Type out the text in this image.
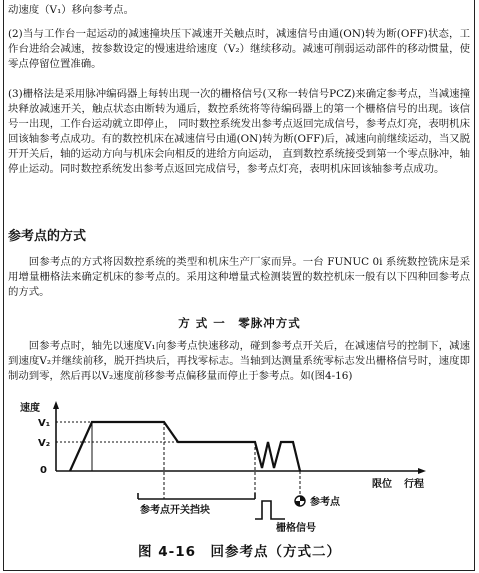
动速度（V₁）移向参考点。

(2)当与工作台一起运动的减速撞块压下减速开关触点时，减速信号由通(ON)转为断(OFF)状态，工作台进给会减速，按参数设定的慢速进给速度（V₂）继续移动。减速可削弱运动部件的移动惯量，使零点停留位置准确。

(3)栅格法是采用脉冲编码器上每转出现一次的栅格信号(又称一转信号PCZ)来确定参考点，当减速撞块释放减速开关，触点状态由断转为通后，数控系统将等待编码器上的第一个栅格信号的出现。该信号一出现，工作台运动就立即停止， 同时数控系统发出参考点返回完成信号，参考点灯亮，表明机床回该轴参考点成功。有的数控机床在减速信号由通(ON)转为断(OFF)后，减速向前继续运动，当又脱开开关后，轴的运动方向与机床会向相反的进给方向运动， 直到数控系统接受到第一个零点脉冲，轴停止运动。同时数控系统发出参考点返回完成信号，参考点灯亮，表明机床回该轴参考点成功。

参考点的方式

回参考点的方式将因数控系统的类型和机床生产厂家而异。一台 FUNUC 0i 系统数控铣床是采用增量栅格法来确定机床的参考点的。采用这种增量式检测装置的数控机床一般有以下四种回参考点的方式。

方 式 一　零脉冲方式

回参考点时，轴先以速度V₁向参考点快速移动，碰到参考点开关后，在减速信号的控制下，减速到速度V₂并继续前移，脱开挡块后，再找零标志。当轴到达测量系统零标志发出栅格信号时，速度即制动到零，然后再以V₂速度前移参考点偏移量而停止于参考点。如(图4-16)

速度
V₁
V₂
0
限位 行程
参考点开关挡块
栅格信号
参考点

图 4-16　回参考点（方式二）
